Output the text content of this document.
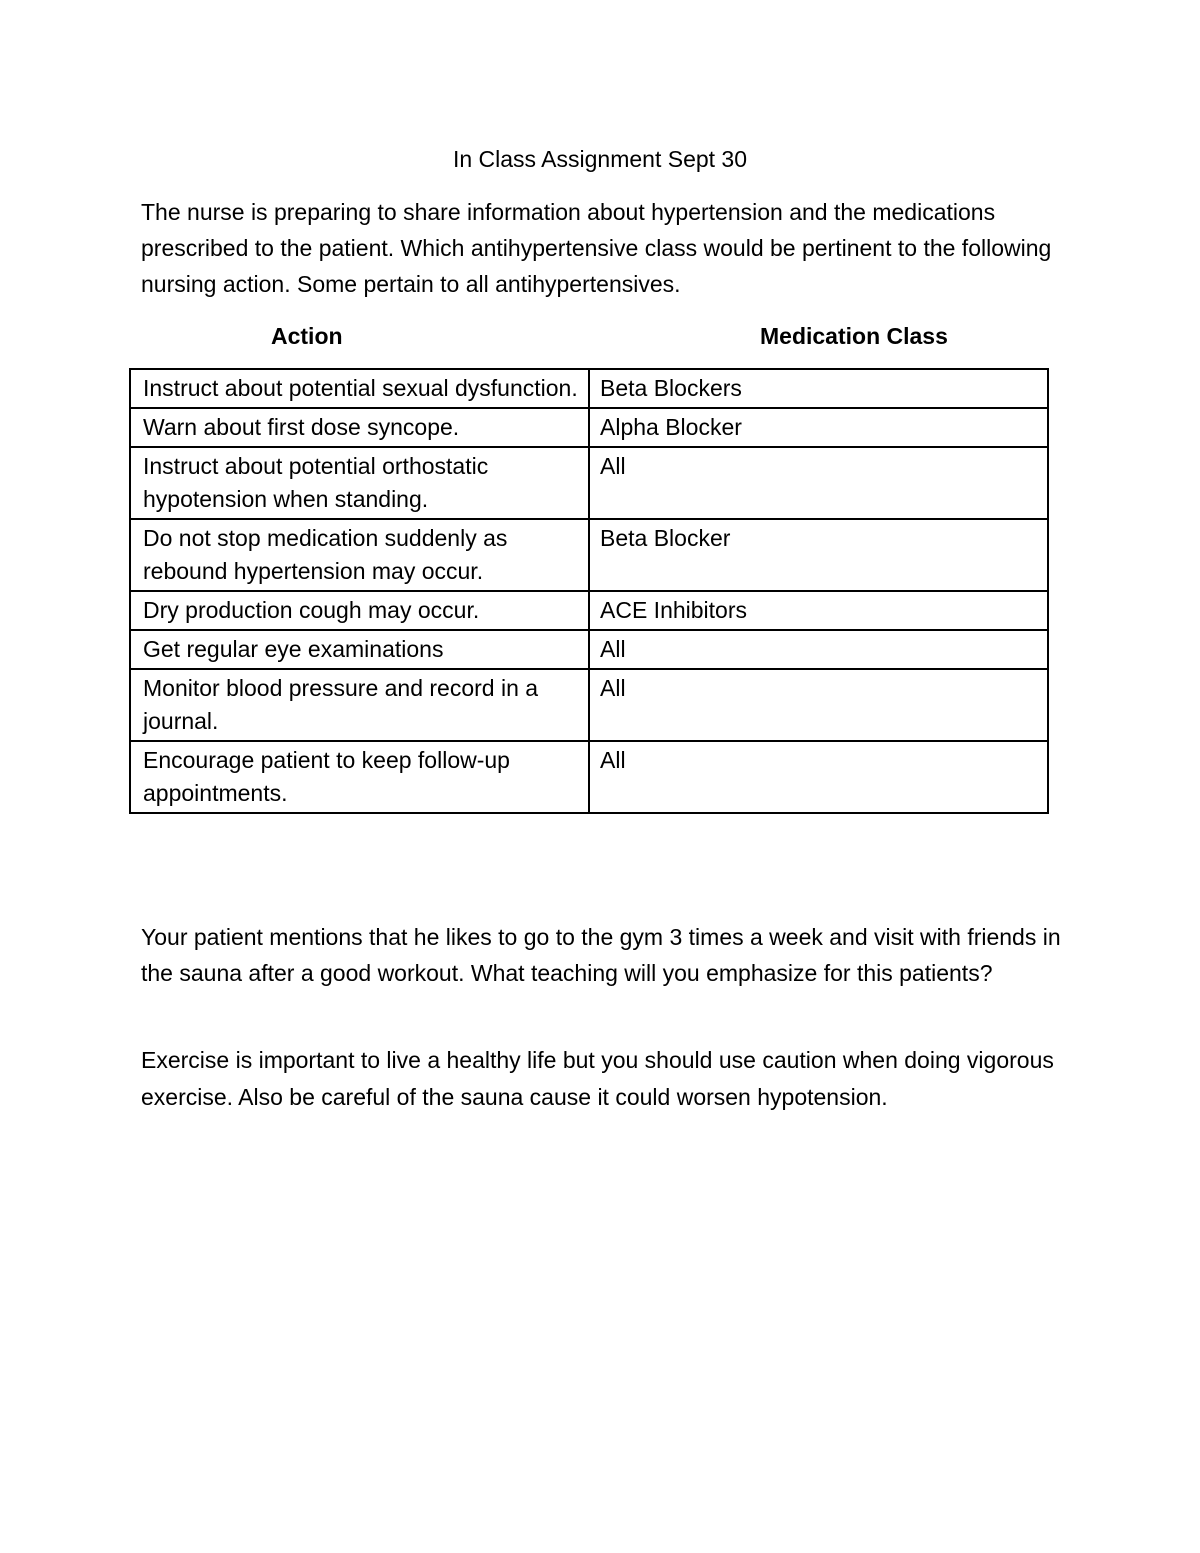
In Class Assignment Sept 30
The nurse is preparing to share information about hypertension and the medications prescribed to the patient. Which antihypertensive class would be pertinent to the following nursing action. Some pertain to all antihypertensives.
Action	Medication Class
Instruct about potential sexual dysfunction.	Beta Blockers
Warn about first dose syncope.	Alpha Blocker
Instruct about potential orthostatic hypotension when standing.	All
Do not stop medication suddenly as rebound hypertension may occur.	Beta Blocker
Dry production cough may occur.	ACE Inhibitors
Get regular eye examinations	All
Monitor blood pressure and record in a journal.	All
Encourage patient to keep follow-up appointments.	All
Your patient mentions that he likes to go to the gym 3 times a week and visit with friends in the sauna after a good workout. What teaching will you emphasize for this patients?
Exercise is important to live a healthy life but you should use caution when doing vigorous exercise. Also be careful of the sauna cause it could worsen hypotension.
